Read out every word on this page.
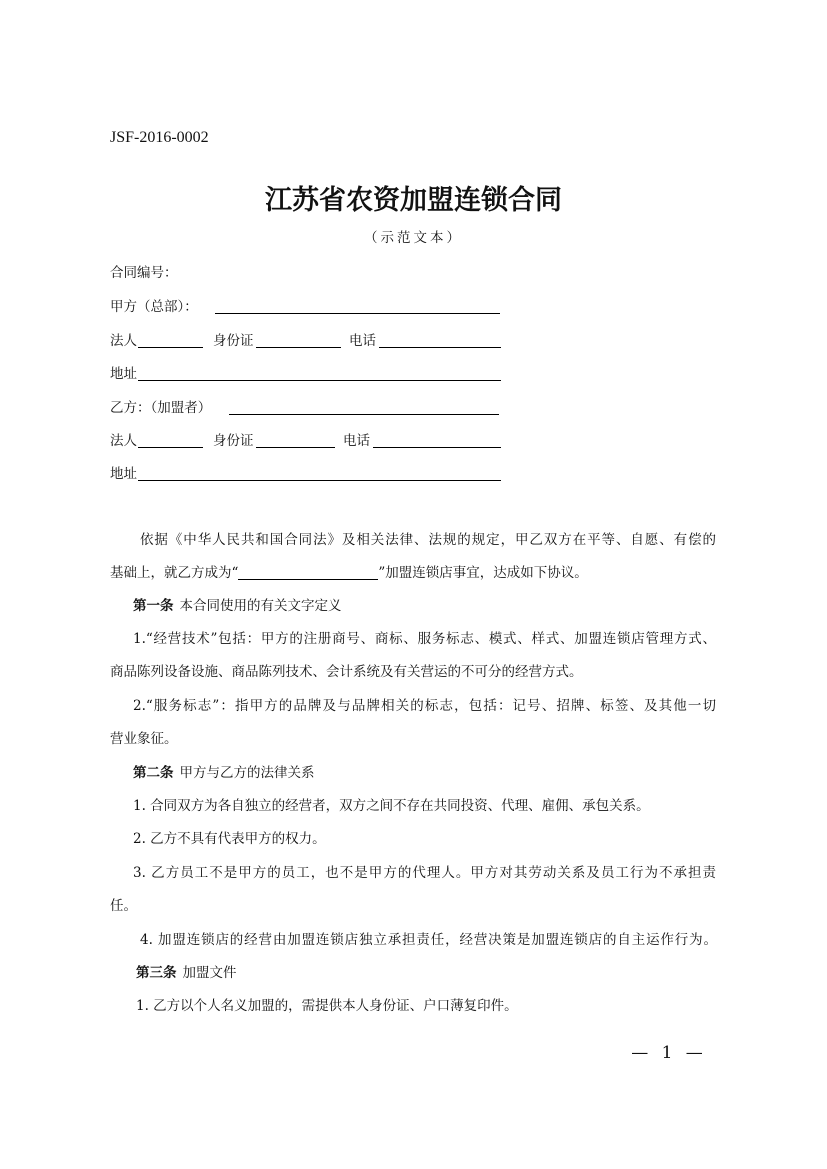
JSF-2016-0002
江苏省农资加盟连锁合同
（示范文本）
合同编号：
甲方（总部）：
法人	身份证	电话
地址
乙方：（加盟者）
法人	身份证	电话
地址
依据《中华人民共和国合同法》及相关法律、法规的规定，甲乙双方在平等、自愿、有偿的
基础上，就乙方成为“	”加盟连锁店事宜，达成如下协议。
第一条 本合同使用的有关文字定义
1.“经营技术”包括：甲方的注册商号、商标、服务标志、模式、样式、加盟连锁店管理方式、
商品陈列设备设施、商品陈列技术、会计系统及有关营运的不可分的经营方式。
2.“服务标志”：指甲方的品牌及与品牌相关的标志，包括：记号、招牌、标签、及其他一切
营业象征。
第二条 甲方与乙方的法律关系
1. 合同双方为各自独立的经营者，双方之间不存在共同投资、代理、雇佣、承包关系。
2. 乙方不具有代表甲方的权力。
3. 乙方员工不是甲方的员工，也不是甲方的代理人。甲方对其劳动关系及员工行为不承担责
任。
4. 加盟连锁店的经营由加盟连锁店独立承担责任，经营决策是加盟连锁店的自主运作行为。
第三条 加盟文件
1. 乙方以个人名义加盟的，需提供本人身份证、户口薄复印件。
— 1 —
